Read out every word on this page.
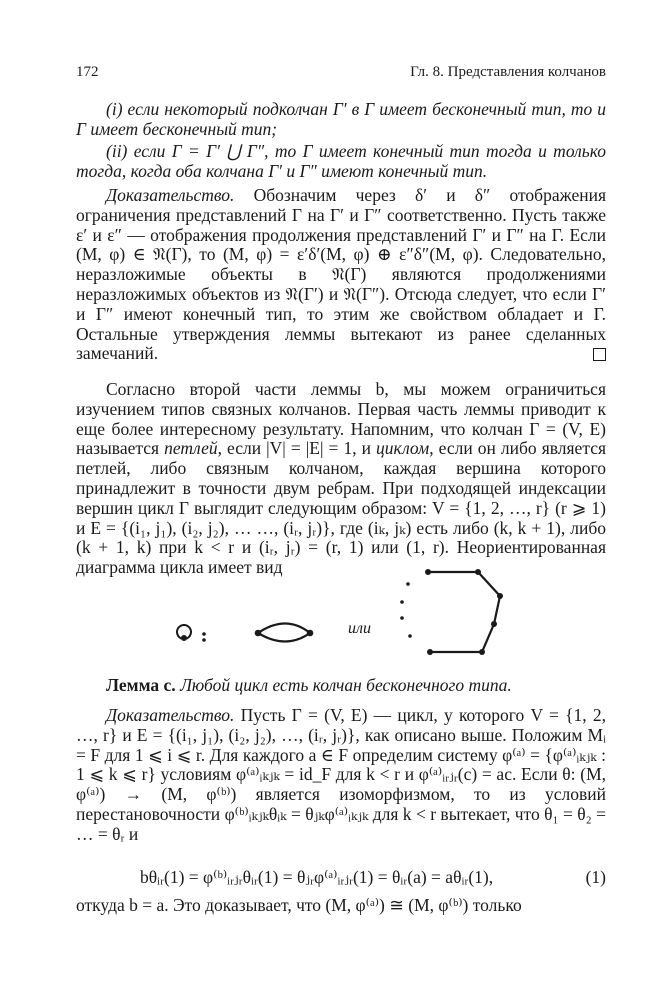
172	Гл. 8. Представления колчанов

(i) если некоторый подколчан Γ′ в Γ имеет бесконечный тип, то и Γ имеет бесконечный тип;

(ii) если Γ = Γ′ ⋃ Γ″, то Γ имеет конечный тип тогда и только тогда, когда оба колчана Γ′ и Γ″ имеют конечный тип.

Доказательство. Обозначим через δ′ и δ″ отображения ограничения представлений Γ на Γ′ и Γ″ соответственно. Пусть также ε′ и ε″ — отображения продолжения представлений Γ′ и Γ″ на Γ. Если (M, φ) ∈ 𝔑(Γ), то (M, φ) = ε′δ′(M, φ) ⊕ ε″δ″(M, φ). Следовательно, неразложимые объекты в 𝔑(Γ) являются продолжениями неразложимых объектов из 𝔑(Γ′) и 𝔑(Γ″). Отсюда следует, что если Γ′ и Γ″ имеют конечный тип, то этим же свойством обладает и Γ. Остальные утверждения леммы вытекают из ранее сделанных замечаний.

Согласно второй части леммы b, мы можем ограничиться изучением типов связных колчанов. Первая часть леммы приводит к еще более интересному результату. Напомним, что колчан Γ = (V, E) называется петлей, если |V| = |E| = 1, и циклом, если он либо является петлей, либо связным колчаном, каждая вершина которого принадлежит в точности двум ребрам. При подходящей индексации вершин цикл Γ выглядит следующим образом: V = {1, 2, …, r} (r ⩾ 1) и E = {(i₁, j₁), (i₂, j₂), … …, (iᵣ, jᵣ)}, где (iₖ, jₖ) есть либо (k, k + 1), либо (k + 1, k) при k < r и (iᵣ, jᵣ) = (r, 1) или (1, r). Неориентированная диаграмма цикла имеет вид

или

Лемма с. Любой цикл есть колчан бесконечного типа.

Доказательство. Пусть Γ = (V, E) — цикл, у которого V = {1, 2, …, r} и E = {(i₁, j₁), (i₂, j₂), …, (iᵣ, jᵣ)}, как описано выше. Положим Mᵢ = F для 1 ⩽ i ⩽ r. Для каждого a ∈ F определим систему φ⁽ᵃ⁾ = {φ⁽ᵃ⁾ᵢₖⱼₖ : 1 ⩽ k ⩽ r} условиям φ⁽ᵃ⁾ᵢₖⱼₖ = id_F для k < r и φ⁽ᵃ⁾ᵢᵣⱼᵣ(c) = ac. Если θ: (M, φ⁽ᵃ⁾) → (M, φ⁽ᵇ⁾) является изоморфизмом, то из условий перестановочности φ⁽ᵇ⁾ᵢₖⱼₖθᵢₖ = θⱼₖφ⁽ᵃ⁾ᵢₖⱼₖ для k < r вытекает, что θ₁ = θ₂ = … = θᵣ и

bθᵢᵣ(1) = φ⁽ᵇ⁾ᵢᵣⱼᵣθᵢᵣ(1) = θⱼᵣφ⁽ᵃ⁾ᵢᵣⱼᵣ(1) = θᵢᵣ(a) = aθᵢᵣ(1),	(1)

откуда b = a. Это доказывает, что (M, φ⁽ᵃ⁾) ≅ (M, φ⁽ᵇ⁾) только
